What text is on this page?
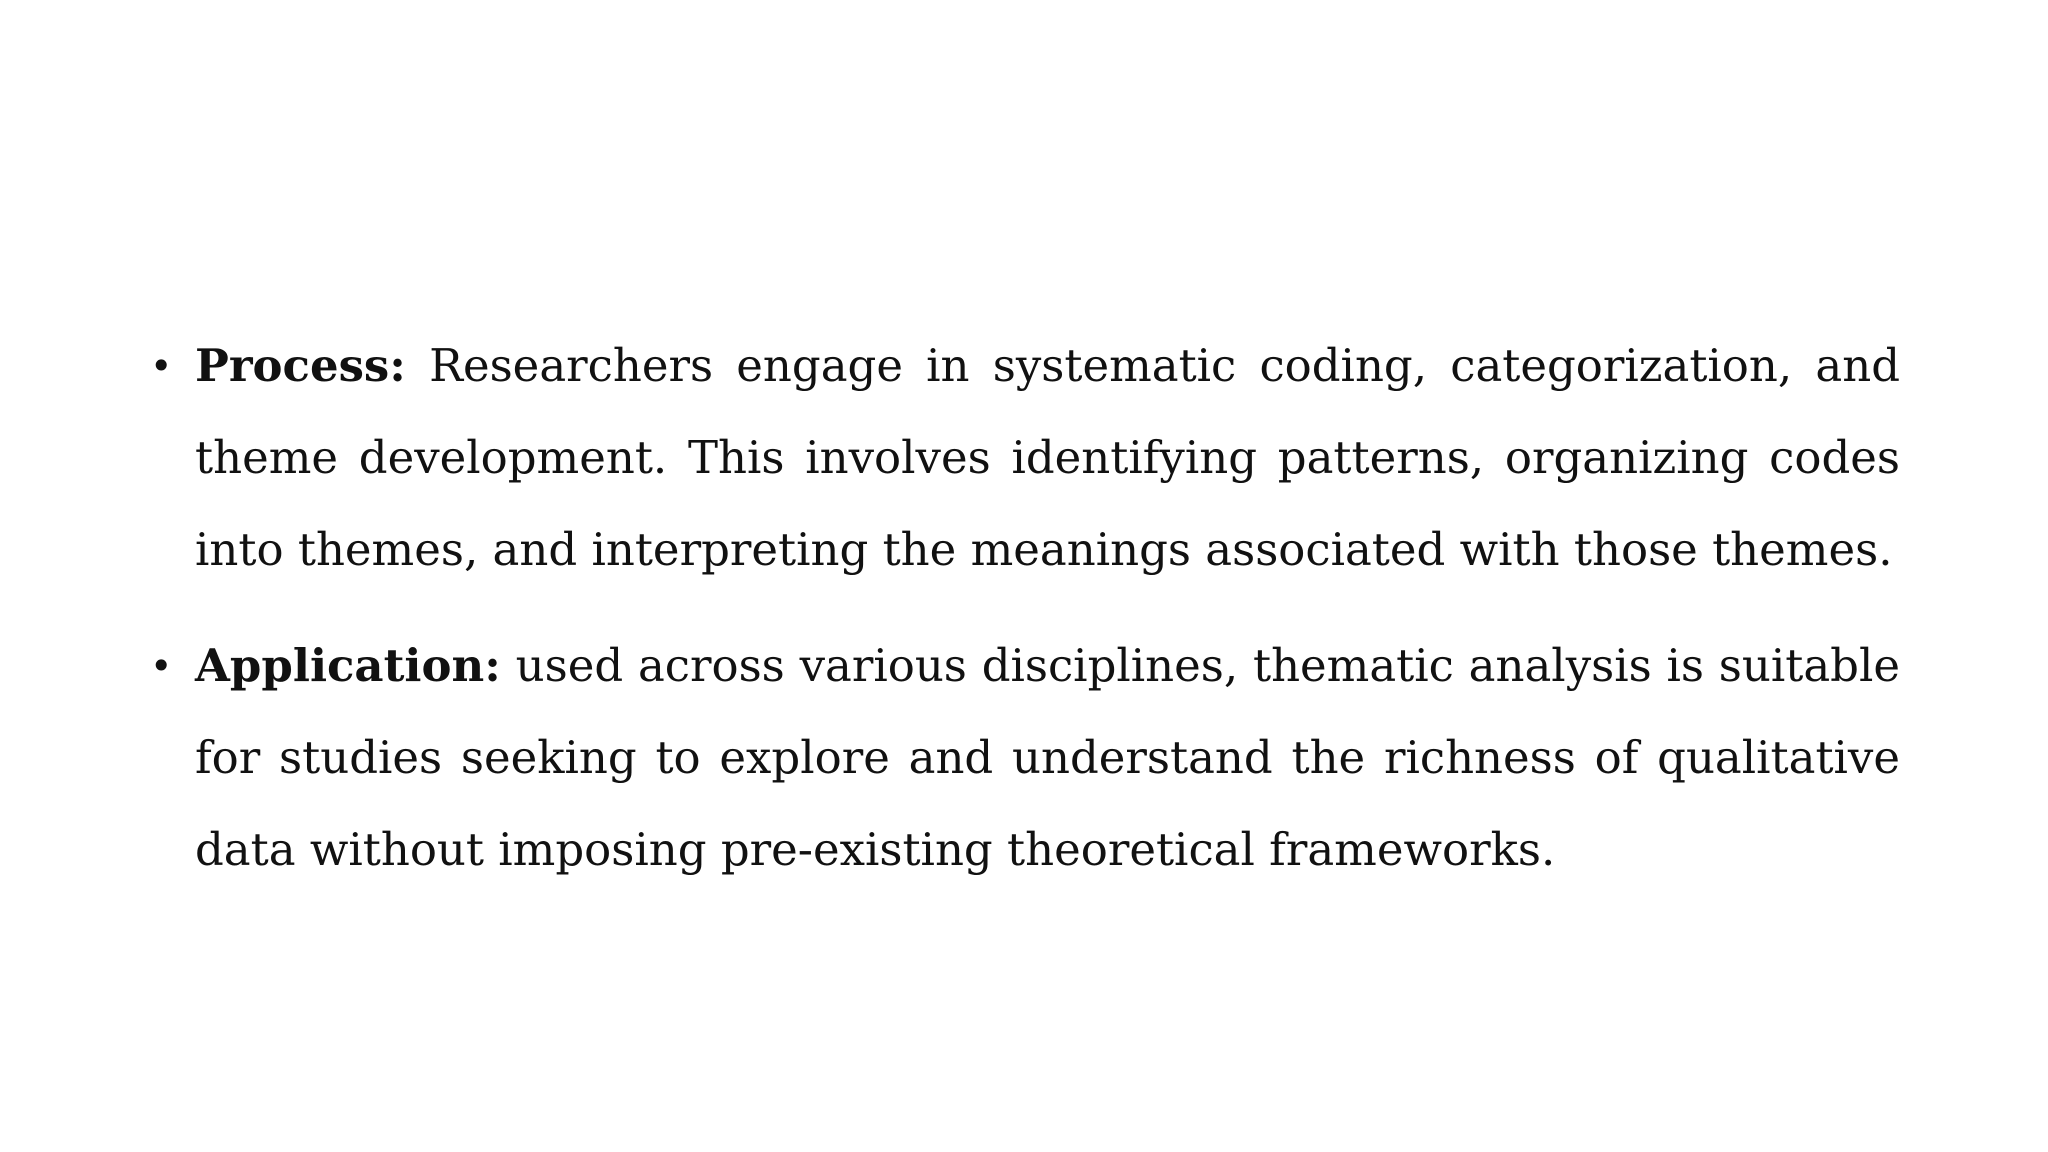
• Process: Researchers engage in systematic coding, categorization, and theme development. This involves identifying patterns, organizing codes into themes, and interpreting the meanings associated with those themes.
• Application: used across various disciplines, thematic analysis is suitable for studies seeking to explore and understand the richness of qualitative data without imposing pre-existing theoretical frameworks.
